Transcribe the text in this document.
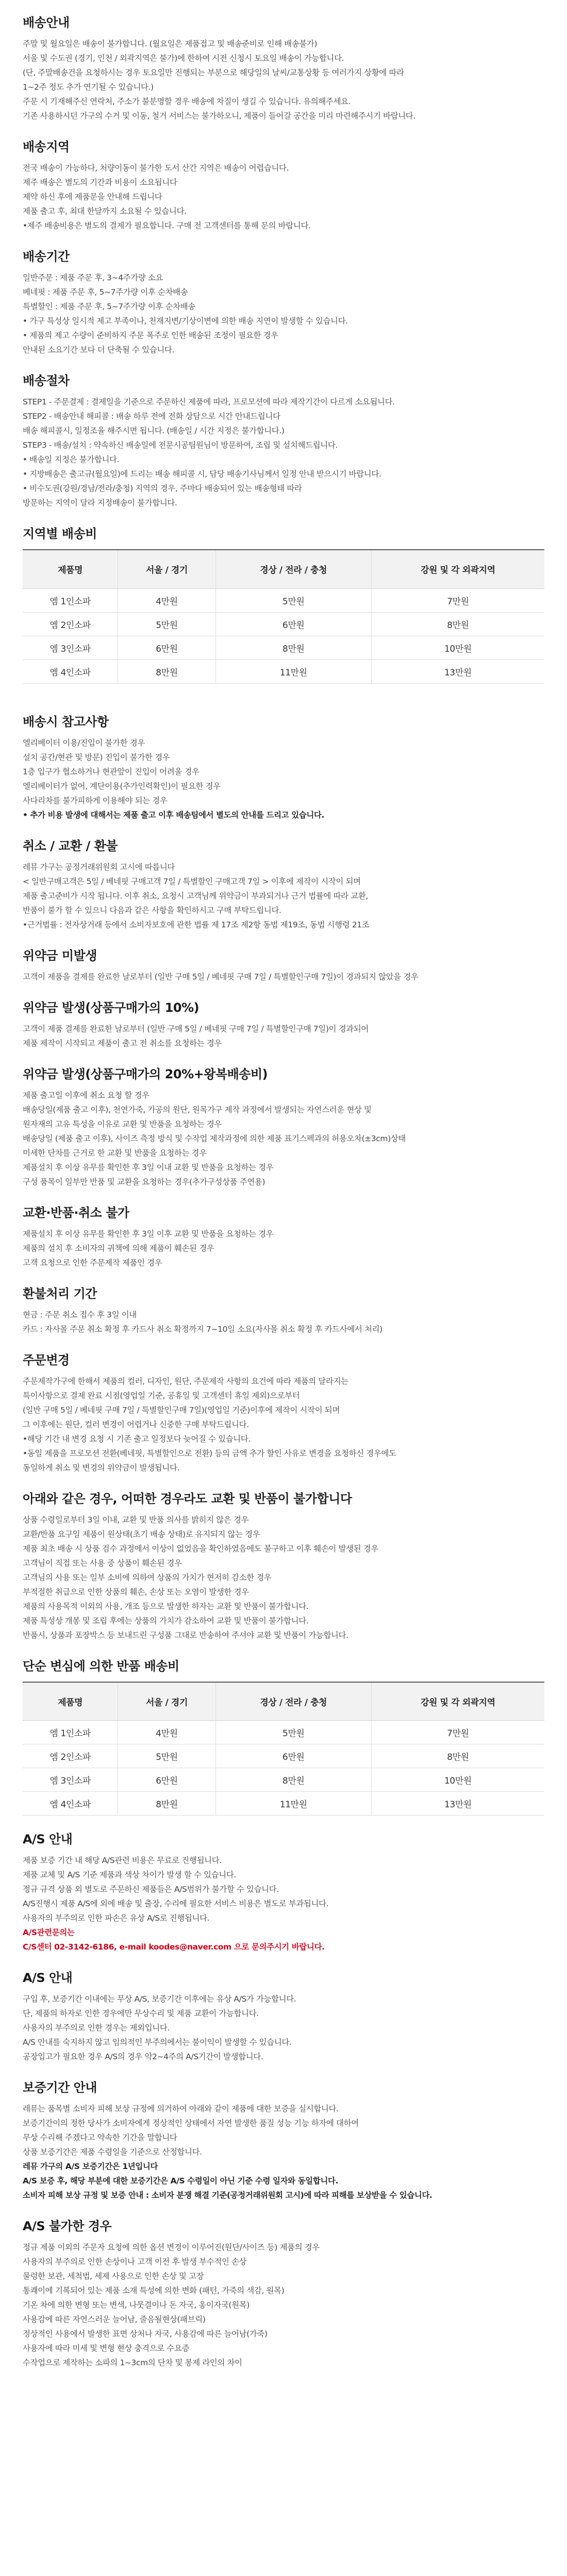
배송안내
주말 및 월요일은 배송이 불가합니다. (월요일은 제품접고 및 배송준비로 인해 배송불가)
서울 및 수도권 (경기, 인천 / 외곽지역은 불가)에 한하여 시전 신청시 토요일 배송이 가능합니다.
(단, 주말배송건을 요청하시는 경우 토요일만 진행되는 부분으로 해당일의 날씨/교통상황 등 여러가지 상황에 따라
1~2주 정도 추가 연기될 수 있습니다.)
주문 시 기재해주신 연락처, 주소가 불분명할 경우 배송에 차질이 생길 수 있습니다. 유의해주세요.
기존 사용하시던 가구의 수거 및 이동, 철거 서비스는 불가하오니, 제품이 들어갈 공간을 미리 마련해주시기 바랍니다.
배송지역
전국 배송이 가능하다, 처량이동이 불가한 도서 산간 지역은 배송이 어렵습니다.
제주 배송은 별도의 기간과 비용이 소요됩니다
제약 하신 후에 제품문을 안내해 드립니다
제품 출고 후, 최대 한달까지 소요될 수 있습니다.
•제주 배송비용은 별도의 결제가 필요합니다. 구매 전 고객센터를 통해 문의 바랍니다.
배송기간
일반주문 : 제품 주문 후, 3~4주가량 소요
베네핏 : 제품 주문 후, 5~7주가량 이후 순차배송
특별할인 : 제품 주문 후, 5~7주가량 이후 순차배송
• 가구 특성상 일시적 제고 부족이나, 천재지변/기상이변에 의한 배송 지연이 발생할 수 있습니다.
• 제품의 제고 수량이 준비하지 주문 폭주로 인한 배송된 조정이 필요한 경우
안내된 소요기간 보다 더 단축될 수 있습니다.
배송절차
STEP1 - 주문결제 : 결제일을 기준으로 주문하신 제품에 따라, 프로모션에 따라 제작기간이 다르게 소요됩니다.
STEP2 - 배송안내 해피콜 : 배송 하루 전에 전화 상담으로 시간 안내드립니다
배송 해피콜시, 일정조율 해주시면 됩니다. (배송일 / 시간 지정은 불가합니다.)
STEP3 - 배송/설치 : 약속하신 배송일에 전문시공팀원님이 방문하여, 조립 및 설치해드립니다.
• 배송일 지정은 불가합니다.
• 지방배송은 출고규(월요일)에 드리는 배송 해피콜 시, 담당 배송기사님께서 일정 안내 받으시기 바랍니다.
• 비수도권(강원/경남/전라/충청) 지역의 경우, 주마다 배송되어 있는 배송형태 따라
방문하는 지역이 달라 지정배송이 불가합니다.
지역별 배송비
제품명	서울 / 경기	경상 / 전라 / 충청	강원 및 각 외곽지역
엠 1인소파	4만원	5만원	7만원
엠 2인소파	5만원	6만원	8만원
엠 3인소파	6만원	8만원	10만원
엠 4인소파	8만원	11만원	13만원
배송시 참고사항
엘리베이터 이용/진입이 불가한 경우
설치 공간/현관 및 방문) 진입이 불가한 경우
1층 입구가 협소하거나 현관앞이 진입이 어려울 경우
엘리베이터가 없어, 계단이용(추가인력확인)이 필요한 경우
사다리차를 불가피하게 이용해야 되는 경우
• 추가 비용 발생에 대해서는 제품 출고 이후 배송팀에서 별도의 안내를 드리고 있습니다.
취소 / 교환 / 환불
레뮤 가구는 공정거래위원회 고시에 따릅니다
< 일반구매고객은 5일 / 베네핏 구매고객 7일 / 특별할인 구매고객 7일 > 이후에 제작이 시작이 되며
제품 출고준비가 시작 됩니다. 이후 취소, 요청시 고객님께 위약금이 부과되거나 근거 법률에 따라 교환,
반품이 불가 할 수 있으니 다음과 같은 사항을 확인하시고 구매 부탁드립니다.
•근거법률 : 전자상거래 등에서 소비자보호에 관한 법률 제 17조 제2항 동법 제19조, 동법 시행령 21조
위약금 미발생
고객이 제품을 결제를 완료한 날로부터 (일반 구매 5일 / 베네핏 구매 7일 / 특별할인구매 7일)이 경과되지 않았을 경우
위약금 발생(상품구매가의 10%)
고객이 제품 결제를 완료한 날로부터 (일반 구매 5일 / 베네핏 구매 7일 / 특별할인구매 7일)이 경과되어
제품 제작이 시작되고 제품이 출고 전 취소를 요청하는 경우
위약금 발생(상품구매가의 20%+왕복배송비)
제품 출고일 이후에 취소 요청 할 경우
배송당일(제품 출고 이후), 천연가죽, 가공의 원단, 원목가구 제작 과정에서 발생되는 자연스러운 현상 및
원자재의 고유 특성을 이유로 교환 및 반품을 요청하는 경우
배송당일 (제품 출고 이후), 사이즈 측정 방식 및 수작업 제작과정에 의한 제품 표기스펙과의 허용오차(±3cm)상태
미세한 단차를 근거로 한 교환 및 반품을 요청하는 경우
제품설치 후 이상 유무를 확인한 후 3일 이내 교환 및 반품을 요청하는 경우
구성 품목이 일부만 반품 및 교환을 요청하는 경우(추가구성상품 주연용)
교환·반품·취소 불가
제품설치 후 이상 유무를 확인한 후 3일 이후 교환 및 반품을 요청하는 경우
제품의 설치 후 소비자의 귀책에 의해 제품이 훼손된 경우
고객 요청으로 인한 주문제작 제품인 경우
환불처리 기간
현금 : 주문 취소 접수 후 3일 이내
카드 : 자사몰 주문 취소 확정 후 카드사 취소 확정까지 7~10일 소요(자사몰 취소 확정 후 카드사에서 처리)
주문변경
주문제작가구에 한해서 제품의 컬러, 디자인, 원단, 주문제작 사항의 요건에 따라 제품의 달라지는
특이사항으로 결제 완료 시점(영업일 기준, 공휴일 및 고객센터 휴일 제외)으로부터
(일반 구매 5일 / 베네핏 구매 7일 / 특별할인구매 7일)(영업일 기준)이후에 제작이 시작이 되며
그 이후에는 원단, 컬러 변경이 어렵거나 신중한 구매 부탁드립니다.
•해당 기간 내 변경 요청 시 기존 출고 일정보다 늦어질 수 있습니다.
•동일 제품을 프로모션 전환(베네핏, 특별할인으로 전환) 등의 금액 추가 할인 사유로 변경을 요청하신 경우에도
동일하게 취소 및 변경의 위약금이 발생됩니다.
아래와 같은 경우, 어떠한 경우라도 교환 및 반품이 불가합니다
상품 수령일로부터 3일 이내, 교환 및 반품 의사를 밝히지 않은 경우
교환/반품 요구일 제품이 원상태(초기 배송 상태)로 유지되지 않는 경우
제품 최초 배송 시 상품 검수 과정에서 이상이 없었음을 확인하였음에도 불구하고 이후 훼손이 발생된 경우
고객님이 직접 또는 사용 중 상품이 훼손된 경우
고객님의 사용 또는 일부 소비에 의하여 상품의 가치가 현저히 감소한 경우
부적절한 취급으로 인한 상품의 훼손, 손상 또는 오염이 발생한 경우
제품의 사용목적 이외의 사용, 개조 등으로 발생한 하자는 교환 및 반품이 불가합니다.
제품 특성상 개봉 및 조립 후에는 상품의 가치가 감소하여 교환 및 반품이 불가합니다.
반품시, 상품과 포장박스 등 보내드린 구성품 그대로 반송하여 주셔야 교환 및 반품이 가능합니다.
단순 변심에 의한 반품 배송비
제품명	서울 / 경기	경상 / 전라 / 충청	강원 및 각 외곽지역
엠 1인소파	4만원	5만원	7만원
엠 2인소파	5만원	6만원	8만원
엠 3인소파	6만원	8만원	10만원
엠 4인소파	8만원	11만원	13만원
A/S 안내
제품 보증 기간 내 해당 A/S관련 비용은 무료로 진행됩니다.
제품 교체 및 A/S 기준 제품과 색상 차이가 발생 할 수 있습니다.
정규 규격 상품 외 별도로 주문하신 제품들은 A/S범위가 불가할 수 있습니다.
A/S진행시 제품 A/S에 외에 배송 및 출장, 수리에 필요한 서비스 비용은 별도로 부과됩니다.
사용자의 부주의로 인한 파손은 유상 A/S로 진행됩니다.
A/S관련문의는
C/S센터 02-3142-6186, e-mail koodes@naver.com 으로 문의주시기 바랍니다.
A/S 안내
구입 후, 보증기간 이내에는 무상 A/S, 보증기간 이후에는 유상 A/S가 가능합니다.
단, 제품의 하자로 인한 경우에만 무상수리 및 제품 교환이 가능합니다.
사용자의 부주의로 인한 경우는 제외입니다.
A/S 안내를 숙지하지 않고 임의적인 부주의에서는 불이익이 발생할 수 있습니다.
공장입고가 필요한 경우 A/S의 경우 약2~4주의 A/S기간이 발생합니다.
보증기간 안내
레뮤는 품목별 소비자 피해 보상 규정에 의거하여 아래와 같이 제품에 대한 보증을 실시합니다.
보증기간이의 정한 당사가 소비자에게 정상적인 상태에서 자연 발생한 품질 성능 기능 하자에 대하여
무상 수리해 주겠다고 약속한 기간을 말합니다
상품 보증기간은 제품 수령일을 기준으로 산정합니다.
레뮤 가구의 A/S 보증기간은 1년입니다
A/S 보증 후, 해당 부분에 대한 보증기간은 A/S 수령일이 아닌 기준 수령 일자와 동일합니다.
소비자 피해 보상 규정 및 보증 안내 : 소비자 분쟁 해결 기준(공정거래위원회 고시)에 따라 피해를 보상받을 수 있습니다.
A/S 불가한 경우
정규 제품 이외의 주문자 요청에 의한 옵션 변경이 이루어진(원단/사이즈 등) 제품의 경우
사용자의 부주의로 인한 손상이나 고객 이전 후 발생 부수적인 손상
물렁한 보관, 세척법, 세제 사용으로 인한 손상 및 고장
통쾌이에 기복되어 있는 제품 소재 특성에 의한 변화 (패턴, 가죽의 색감, 원목)
기온 차에 의한 변형 또는 변색, 나뭇결이나 돈 자국, 옹이자국(원목)
사용감에 따른 자연스러운 늘어남, 줄음될현상(패브릭)
정상적인 사용에서 발생한 표면 상처나 자국, 사용감에 따른 늘어남(가죽)
사용자에 따라 미세 및 변형 현상 충격으로 수요증
수작업으로 제작하는 소파의 1~3cm의 단차 및 봉제 라인의 차이
